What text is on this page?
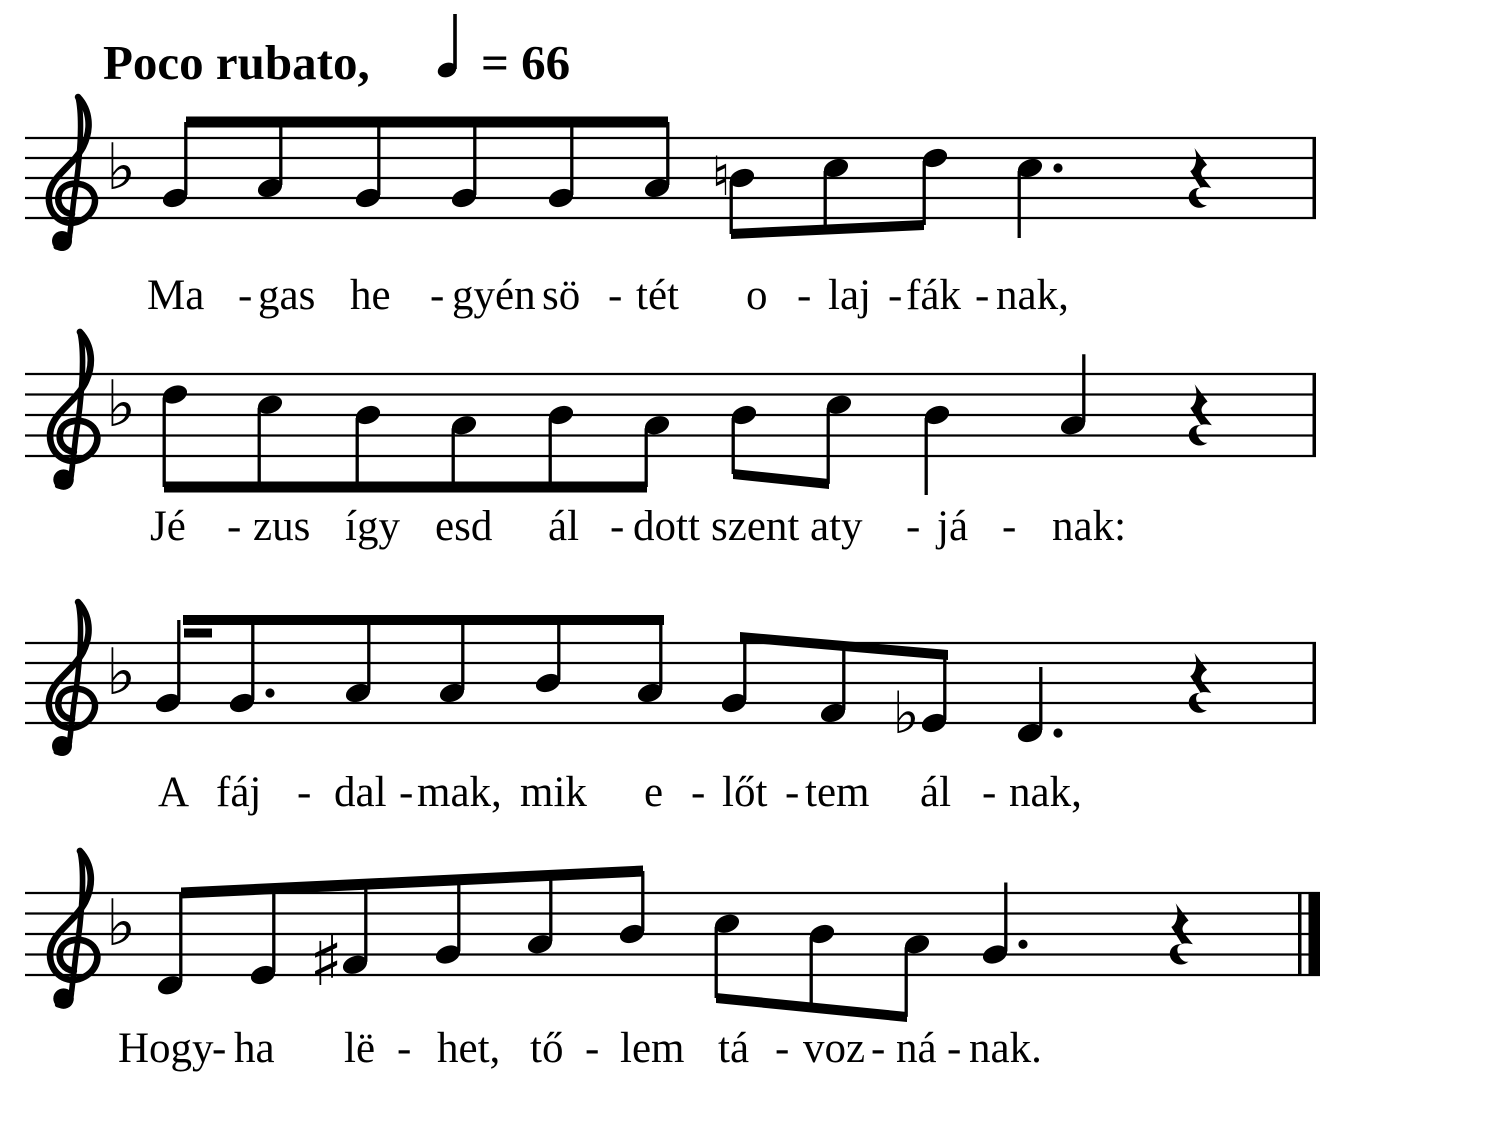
Poco rubato, = 66
♭	♮
Ma - gas he - gyén sö - tét o - laj - fák - nak,
♭
Jé - zus így esd ál - dott szent aty - já - nak:
♭
♭
A fáj - dal - mak, mik e - lőt - tem ál - nak,
♭ ♯
Hogy
- ha lë - het, tő - lem tá - voz - ná - nak.
